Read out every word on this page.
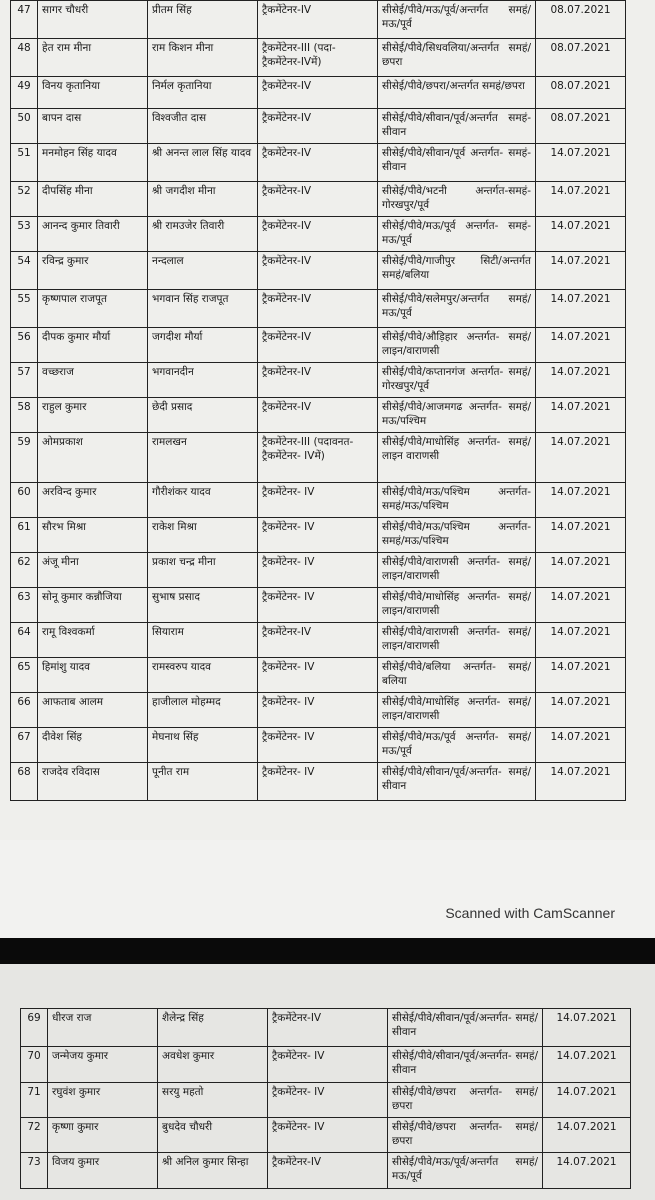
Scanned with CamScanner
47	सागर चौधरी	प्रीतम सिंह	ट्रैकमेंटेनर-IV	सीसेई/पीवे/मऊ/पूर्व/अन्तर्गत समहं/मऊ/पूर्व	08.07.2021
48	हेत राम मीना	राम किशन मीना	ट्रैकमेंटेनर-III (पदा- ट्रैकमेंटेनर-IVमें)	सीसेई/पीवे/सिधवलिया/अन्तर्गत समहं/छपरा	08.07.2021
49	विनय कृतानिया	निर्मल कृतानिया	ट्रैकमेंटेनर-IV	सीसेई/पीवे/छपरा/अन्तर्गत समहं/छपरा	08.07.2021
50	बापन दास	विश्वजीत दास	ट्रैकमेंटेनर-IV	सीसेई/पीवे/सीवान/पूर्व/अन्तर्गत समहं-सीवान	08.07.2021
51	मनमोहन सिंह यादव	श्री अनन्त लाल सिंह यादव	ट्रैकमेंटेनर-IV	सीसेई/पीवे/सीवान/पूर्व अन्तर्गत- समहं-सीवान	14.07.2021
52	दीपसिंह मीना	श्री जगदीश मीना	ट्रैकमेंटेनर-IV	सीसेई/पीवे/भटनी अन्तर्गत-समहं- गोरखपुर/पूर्व	14.07.2021
53	आनन्द कुमार तिवारी	श्री रामउजेर तिवारी	ट्रैकमेंटेनर-IV	सीसेई/पीवे/मऊ/पूर्व अन्तर्गत- समहं-मऊ/पूर्व	14.07.2021
54	रविन्द्र कुमार	नन्दलाल	ट्रैकमेंटेनर-IV	सीसेई/पीवे/गाजीपुर सिटी/अन्तर्गत समहं/बलिया	14.07.2021
55	कृष्णपाल राजपूत	भगवान सिंह राजपूत	ट्रैकमेंटेनर-IV	सीसेई/पीवे/सलेमपुर/अन्तर्गत समहं/मऊ/पूर्व	14.07.2021
56	दीपक कुमार मौर्या	जगदीश मौर्या	ट्रैकमेंटेनर-IV	सीसेई/पीवे/औड़िहार अन्तर्गत- समहं/लाइन/वाराणसी	14.07.2021
57	वच्छराज	भगवानदीन	ट्रैकमेंटेनर-IV	सीसेई/पीवे/कप्तानगंज अन्तर्गत- समहं/गोरखपुर/पूर्व	14.07.2021
58	राहुल कुमार	छेदी प्रसाद	ट्रैकमेंटेनर-IV	सीसेई/पीवे/आजमगढ अन्तर्गत- समहं/मऊ/पश्चिम	14.07.2021
59	ओमप्रकाश	रामलखन	ट्रैकमेंटेनर-III (पदावनत-ट्रैकमेंटेनर- IVमें)	सीसेई/पीवे/माधोसिंह अन्तर्गत- समहं/लाइन वाराणसी	14.07.2021
60	अरविन्द कुमार	गौरीशंकर यादव	ट्रैकमेंटेनर- IV	सीसेई/पीवे/मऊ/पश्चिम अन्तर्गत- समहं/मऊ/पश्चिम	14.07.2021
61	सौरभ मिश्रा	राकेश मिश्रा	ट्रैकमेंटेनर- IV	सीसेई/पीवे/मऊ/पश्चिम अन्तर्गत- समहं/मऊ/पश्चिम	14.07.2021
62	अंजू मीना	प्रकाश चन्द्र मीना	ट्रैकमेंटेनर- IV	सीसेई/पीवे/वाराणसी अन्तर्गत- समहं/लाइन/वाराणसी	14.07.2021
63	सोनू कुमार कन्नौजिया	सुभाष प्रसाद	ट्रैकमेंटेनर- IV	सीसेई/पीवे/माधोसिंह अन्तर्गत- समहं/लाइन/वाराणसी	14.07.2021
64	रामू विश्वकर्मा	सियाराम	ट्रैकमेंटेनर-IV	सीसेई/पीवे/वाराणसी अन्तर्गत- समहं/लाइन/वाराणसी	14.07.2021
65	हिमांशु यादव	रामस्वरुप यादव	ट्रैकमेंटेनर- IV	सीसेई/पीवे/बलिया अन्तर्गत- समहं/बलिया	14.07.2021
66	आफताब आलम	हाजीलाल मोहम्मद	ट्रैकमेंटेनर- IV	सीसेई/पीवे/माधोसिंह अन्तर्गत- समहं/लाइन/वाराणसी	14.07.2021
67	दीवेश सिंह	मेघनाथ सिंह	ट्रैकमेंटेनर- IV	सीसेई/पीवे/मऊ/पूर्व अन्तर्गत- समहं/मऊ/पूर्व	14.07.2021
68	राजदेव रविदास	पूनीत राम	ट्रैकमेंटेनर- IV	सीसेई/पीवे/सीवान/पूर्व/अन्तर्गत- समहं/सीवान	14.07.2021
69	धीरज राज	शैलेन्द्र सिंह	ट्रैकमेंटेनर-IV	सीसेई/पीवे/सीवान/पूर्व/अन्तर्गत- समहं/सीवान	14.07.2021
70	जन्मेजय कुमार	अवधेश कुमार	ट्रैकमेंटेनर- IV	सीसेई/पीवे/सीवान/पूर्व/अन्तर्गत- समहं/सीवान	14.07.2021
71	रघुवंश कुमार	सरयु महतो	ट्रैकमेंटेनर- IV	सीसेई/पीवे/छपरा अन्तर्गत- समहं/छपरा	14.07.2021
72	कृष्णा कुमार	बुधदेव चौधरी	ट्रैकमेंटेनर- IV	सीसेई/पीवे/छपरा अन्तर्गत- समहं/छपरा	14.07.2021
73	विजय कुमार	श्री अनिल कुमार सिन्हा	ट्रैकमेंटेनर-IV	सीसेई/पीवे/मऊ/पूर्व/अन्तर्गत समहं/मऊ/पूर्व	14.07.2021
